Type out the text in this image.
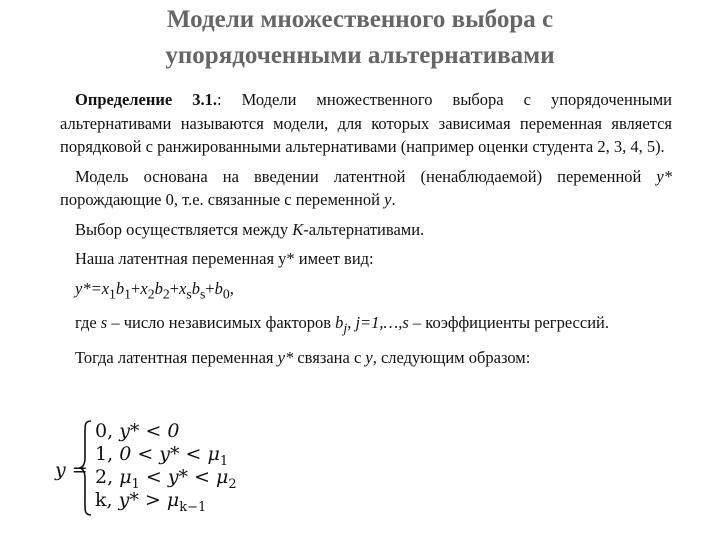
Модели множественного выбора с
упорядоченными альтернативами

Определение 3.1.: Модели множественного выбора с упорядоченными альтернативами называются модели, для которых зависимая переменная является порядковой с ранжированными альтернативами (например оценки студента 2, 3, 4, 5).

Модель основана на введении латентной (ненаблюдаемой) переменной y* порождающие 0, т.е. связанные с переменной y.

Выбор осуществляется между K-альтернативами.

Наша латентная переменная y* имеет вид:

$y*=x_1b_1+x_2b_2+x_sb_s+b_0$,

где s – число независимых факторов $b_j$, j=1,…,s – коэффициенты регрессий.

Тогда латентная переменная y* связана с y, следующим образом:

y =
0, y* < 0
1, $0 < y* < \mu_1$
2, $\mu_1 < y* < \mu_2$
k, $y* > \mu_{k-1}$
